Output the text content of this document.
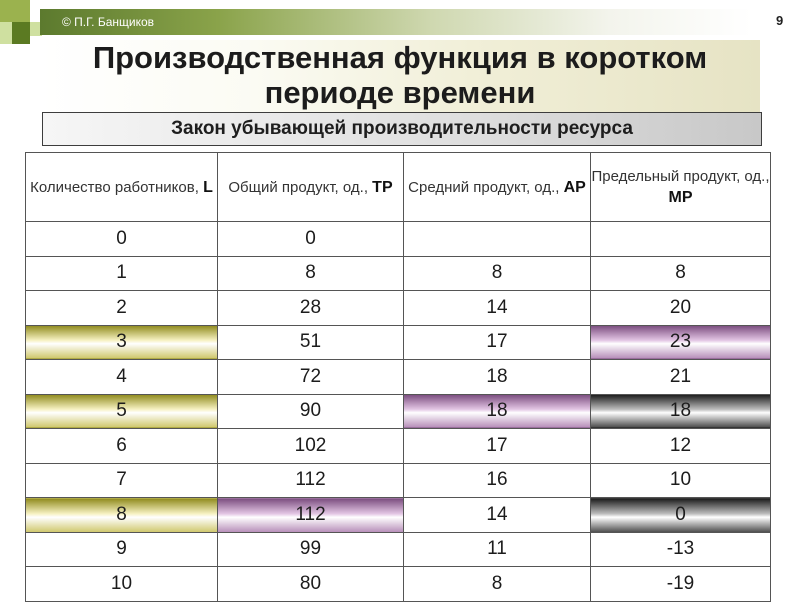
© П.Г. Банщиков	9
Производственная функция в коротком периоде времени
Закон убывающей производительности ресурса
Количество работников, L	Общий продукт, од., TP	Средний продукт, од., AP	Предельный продукт, од., MP
0	0		
1	8	8	8
2	28	14	20
3	51	17	23
4	72	18	21
5	90	18	18
6	102	17	12
7	112	16	10
8	112	14	0
9	99	11	-13
10	80	8	-19
